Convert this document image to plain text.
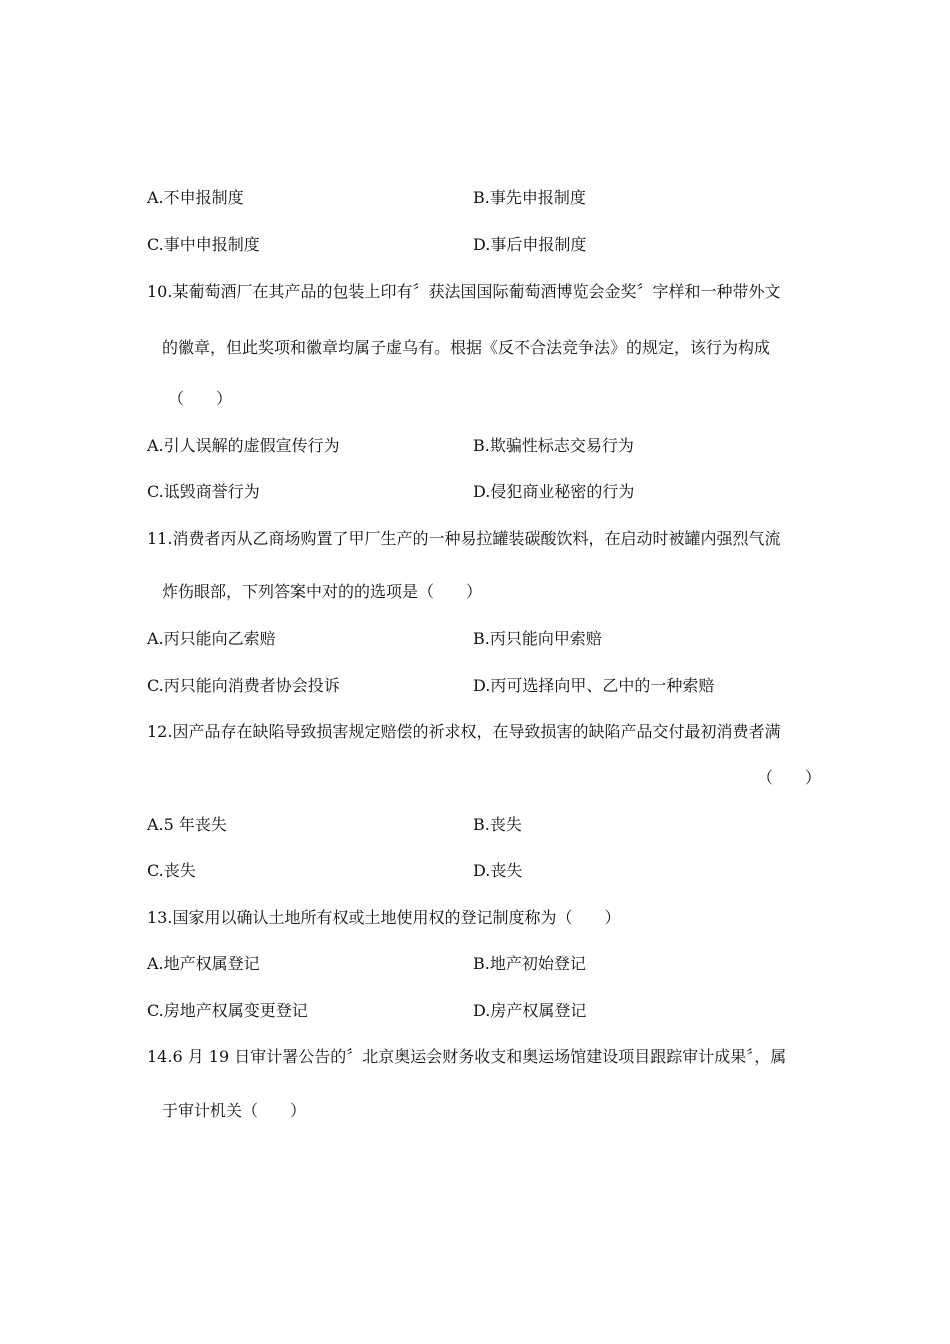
A.不申报制度	B.事先申报制度
C.事中申报制度	D.事后申报制度
10.某葡萄酒厂在其产品的包装上印有〞获法国国际葡萄酒博览会金奖〞字样和一种带外文
的徽章，但此奖项和徽章均属子虚乌有。根据《反不合法竞争法》的规定，该行为构成
（　　）
A.引人误解的虚假宣传行为	B.欺骗性标志交易行为
C.诋毁商誉行为	D.侵犯商业秘密的行为
11.消费者丙从乙商场购置了甲厂生产的一种易拉罐装碳酸饮料，在启动时被罐内强烈气流
炸伤眼部，下列答案中对的的选项是（　　）
A.丙只能向乙索赔	B.丙只能向甲索赔
C.丙只能向消费者协会投诉	D.丙可选择向甲、乙中的一种索赔
12.因产品存在缺陷导致损害规定赔偿的祈求权，在导致损害的缺陷产品交付最初消费者满
（　　）
A.5 年丧失	B.丧失
C.丧失	D.丧失
13.国家用以确认土地所有权或土地使用权的登记制度称为（　　）
A.地产权属登记	B.地产初始登记
C.房地产权属变更登记	D.房产权属登记
14.6 月 19 日审计署公告的〞北京奥运会财务收支和奥运场馆建设项目跟踪审计成果〞，属
于审计机关（　　）
